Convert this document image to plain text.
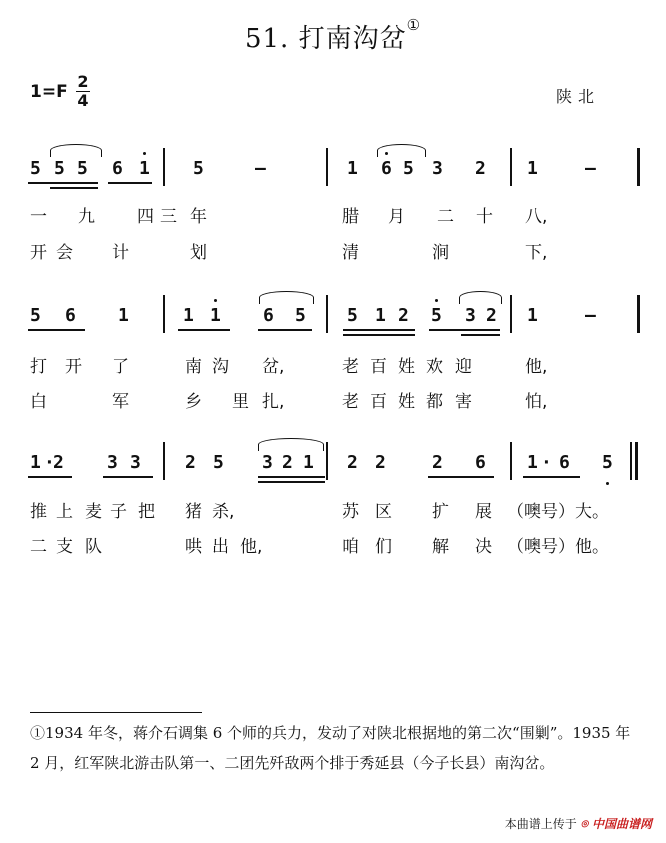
51. 打南沟岔①
1=F
2
4	陕北
5 5 5 6 1 5	—	1 6 5 3 2 1	—
一 九 四 三 年	腊 月 二 十 八,
开 会 计	划	清	涧	下,
5 6 1	1 1 6 5 5 1 2 5 3 2 1	—
打 开 了	南 沟 岔,	老 百 姓 欢 迎	他,
白	军	乡 里 扎,	老 百 姓 都 害	怕,
1 ·
2 3 3 2 5 3 2 1 2 2	2 6 1 · 6 5
推 上 麦 子 把 猪 杀,	苏 区 扩 展 （噢号）大。
二 支 队	哄 出 他,	咱 们 解 决 （噢号）他。
①1934 年冬，蒋介石调集 6 个师的兵力，发动了对陕北根据地的第二次“围剿”。1935 年 2 月，红军陕北游击队第一、二团先歼敌两个排于秀延县（今子长县）南沟岔。
本曲谱上传于 ⌾ 中国曲谱网
